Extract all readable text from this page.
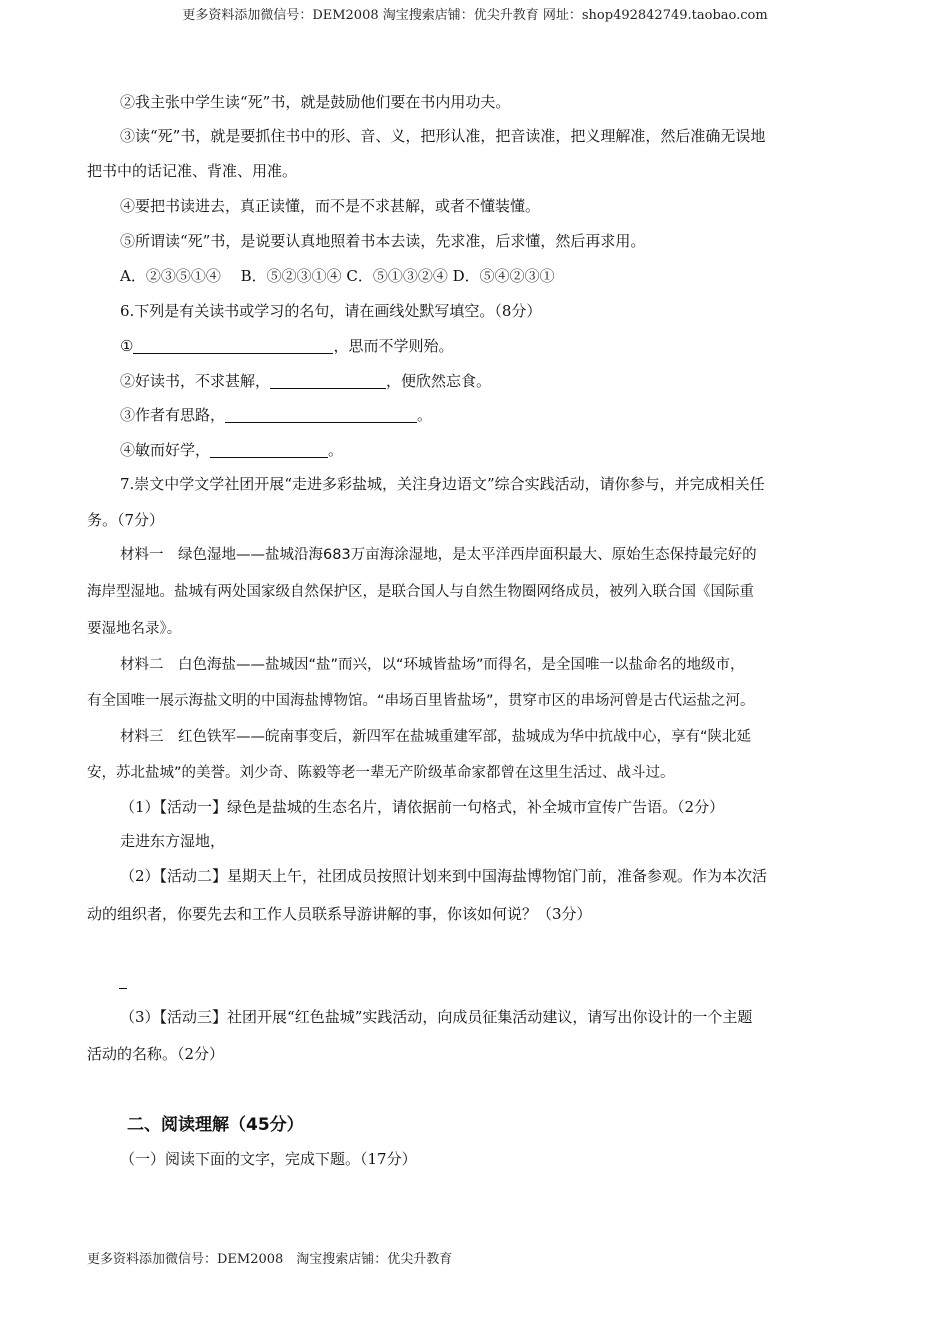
更多资料添加微信号：DEM2008 淘宝搜索店铺：优尖升教育 网址：shop492842749.taobao.com
②我主张中学生读“死”书，就是鼓励他们要在书内用功夫。
③读“死”书，就是要抓住书中的形、音、义，把形认准，把音读准，把义理解准，然后准确无误地
把书中的话记准、背准、用准。
④要把书读进去，真正读懂，而不是不求甚解，或者不懂装懂。
⑤所谓读“死”书，是说要认真地照着书本去读，先求准，后求懂，然后再求用。
A．②③⑤①④　 B．⑤②③①④ C．⑤①③②④ D．⑤④②③①
6.下列是有关读书或学习的名句，请在画线处默写填空。（8分）
①	，思而不学则殆。
②好读书，不求甚解，	，便欣然忘食。
③作者有思路，	。
④敏而好学，	。
7.崇文中学文学社团开展“走进多彩盐城，关注身边语文”综合实践活动，请你参与，并完成相关任
务。（7分）
材料一　绿色湿地——盐城沿海683万亩海涂湿地，是太平洋西岸面积最大、原始生态保持最完好的
海岸型湿地。盐城有两处国家级自然保护区，是联合国人与自然生物圈网络成员，被列入联合国《国际重
要湿地名录》。
材料二　白色海盐——盐城因“盐”而兴，以“环城皆盐场”而得名，是全国唯一以盐命名的地级市，
有全国唯一展示海盐文明的中国海盐博物馆。“串场百里皆盐场”，贯穿市区的串场河曾是古代运盐之河。
材料三　红色铁军——皖南事变后，新四军在盐城重建军部，盐城成为华中抗战中心，享有“陕北延
安，苏北盐城”的美誉。刘少奇、陈毅等老一辈无产阶级革命家都曾在这里生活过、战斗过。
（1）【活动一】绿色是盐城的生态名片，请依据前一句格式，补全城市宣传广告语。（2分）
走进东方湿地，
（2）【活动二】星期天上午，社团成员按照计划来到中国海盐博物馆门前，准备参观。作为本次活
动的组织者，你要先去和工作人员联系导游讲解的事，你该如何说？（3分）
（3）【活动三】社团开展“红色盐城”实践活动，向成员征集活动建议，请写出你设计的一个主题
活动的名称。（2分）
二、阅读理解（45分）
（一）阅读下面的文字，完成下题。（17分）
更多资料添加微信号：DEM2008　淘宝搜索店铺：优尖升教育
